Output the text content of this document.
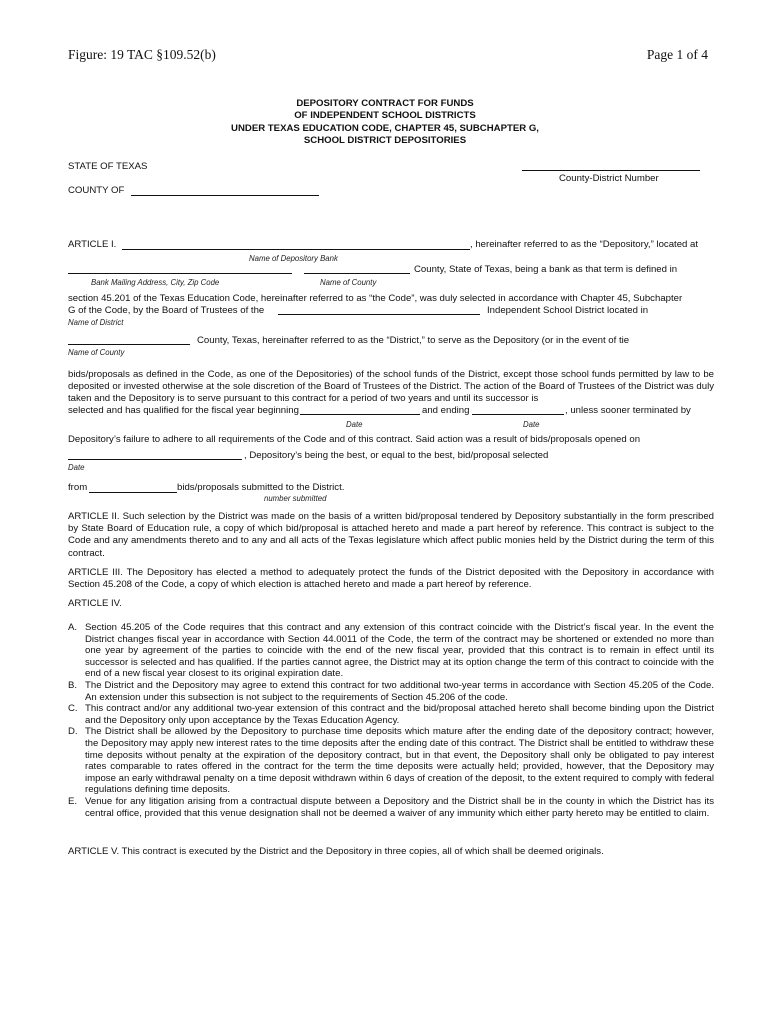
Figure: 19 TAC §109.52(b)	Page 1 of 4
DEPOSITORY CONTRACT FOR FUNDS
OF INDEPENDENT SCHOOL DISTRICTS
UNDER TEXAS EDUCATION CODE, CHAPTER 45, SUBCHAPTER G,
SCHOOL DISTRICT DEPOSITORIES
STATE OF TEXAS
County-District Number
COUNTY OF
ARTICLE I.	, hereinafter referred to as the “Depository,” located at
Name of Depository Bank
County, State of Texas, being a bank as that term is defined in
Bank Mailing Address, City, Zip Code	Name of County
section 45.201 of the Texas Education Code, hereinafter referred to as “the Code”, was duly selected in accordance with Chapter 45, Subchapter
G of the Code, by the Board of Trustees of the	Independent School District located in
Name of District
County, Texas, hereinafter referred to as the “District,” to serve as the Depository (or in the event of tie
Name of County
bids/proposals as defined in the Code, as one of the Depositories) of the school funds of the District, except those school funds permitted by law to be deposited or invested otherwise at the sole discretion of the Board of Trustees of the District. The action of the Board of Trustees of the District was duly taken and the Depository is to serve pursuant to this contract for a period of two years and until its successor is
selected and has qualified for the fiscal year beginning	and ending	, unless sooner terminated by
Date	Date
Depository’s failure to adhere to all requirements of the Code and of this contract. Said action was a result of bids/proposals opened on
, Depository’s being the best, or equal to the best, bid/proposal selected
Date
from	bids/proposals submitted to the District.
number submitted
ARTICLE II. Such selection by the District was made on the basis of a written bid/proposal tendered by Depository substantially in the form prescribed by State Board of Education rule, a copy of which bid/proposal is attached hereto and made a part hereof by reference. This contract is subject to the Code and any amendments thereto and to any and all acts of the Texas legislature which affect public monies held by the District during the term of this contract.
ARTICLE III. The Depository has elected a method to adequately protect the funds of the District deposited with the Depository in accordance with Section 45.208 of the Code, a copy of which election is attached hereto and made a part hereof by reference.
ARTICLE IV.
A. Section 45.205 of the Code requires that this contract and any extension of this contract coincide with the District’s fiscal year. In the event the District changes fiscal year in accordance with Section 44.0011 of the Code, the term of the contract may be shortened or extended no more than one year by agreement of the parties to coincide with the end of the new fiscal year, provided that this contract is to remain in effect until its successor is selected and has qualified. If the parties cannot agree, the District may at its option change the term of this contract to coincide with the end of a new fiscal year closest to its original expiration date.
B. The District and the Depository may agree to extend this contract for two additional two-year terms in accordance with Section 45.205 of the Code. An extension under this subsection is not subject to the requirements of Section 45.206 of the code.
C. This contract and/or any additional two-year extension of this contract and the bid/proposal attached hereto shall become binding upon the District and the Depository only upon acceptance by the Texas Education Agency.
D. The District shall be allowed by the Depository to purchase time deposits which mature after the ending date of the depository contract; however, the Depository may apply new interest rates to the time deposits after the ending date of this contract. The District shall be entitled to withdraw these time deposits without penalty at the expiration of the depository contract, but in that event, the Depository shall only be obligated to pay interest rates comparable to rates offered in the contract for the term the time deposits were actually held; provided, however, that the Depository may impose an early withdrawal penalty on a time deposit withdrawn within 6 days of creation of the deposit, to the extent required to comply with federal regulations defining time deposits.
E. Venue for any litigation arising from a contractual dispute between a Depository and the District shall be in the county in which the District has its central office, provided that this venue designation shall not be deemed a waiver of any immunity which either party hereto may be entitled to claim.
ARTICLE V. This contract is executed by the District and the Depository in three copies, all of which shall be deemed originals.
